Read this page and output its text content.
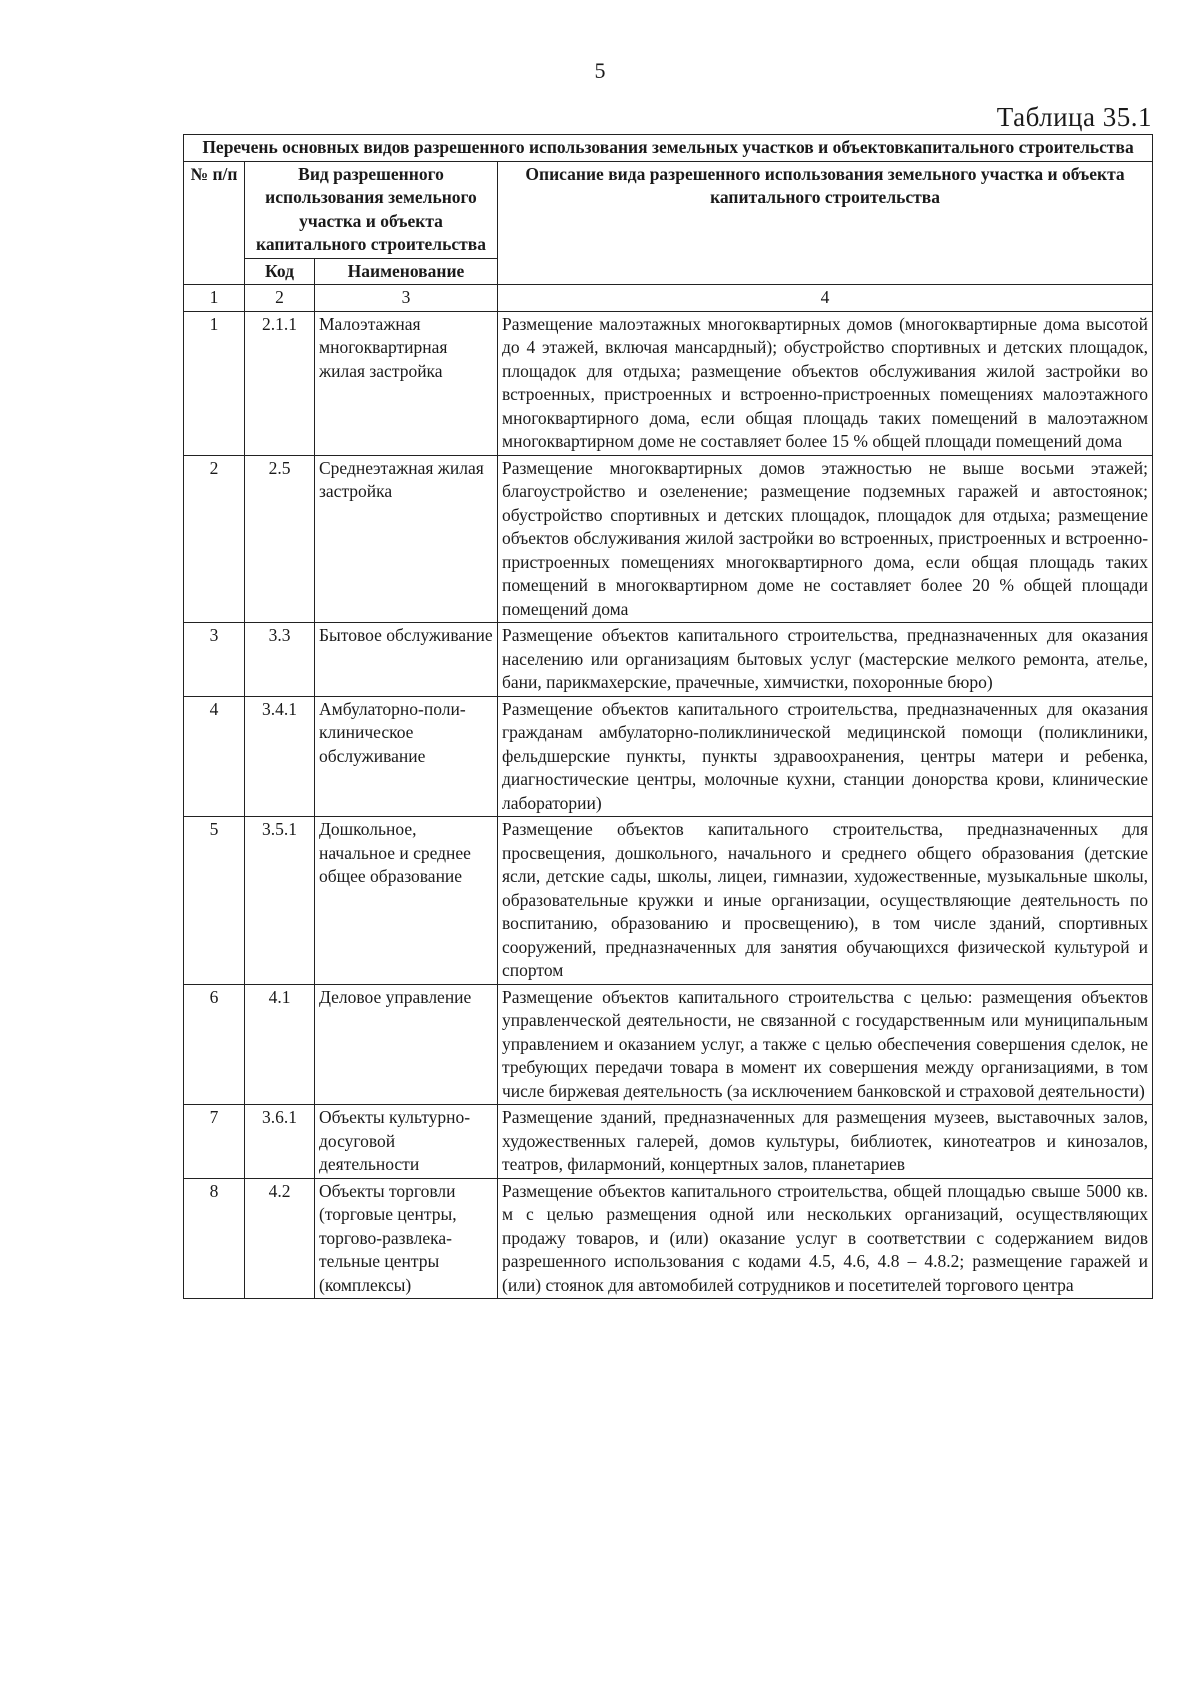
5
Таблица 35.1
Перечень основных видов разрешенного использования земельных участков и объектовкапитального строительства			
№ п/п	Вид разрешенного использования земельного участка и объекта капитального строительства		Описание вида разрешенного использования земельного участка и объекта капитального строительства
	Код	Наименование	
1	2	3	4
1	2.1.1	Малоэтажная многоквартирная жилая застройка	Размещение малоэтажных многоквартирных домов (многоквартирные дома высотой до 4 этажей, включая мансардный); обустройство спортивных и детских площадок, площадок для отдыха; размещение объектов обслуживания жилой застройки во встроенных, пристроенных и встроенно-пристроенных помещениях малоэтажного многоквартирного дома, если общая площадь таких помещений в малоэтажном многоквартирном доме не составляет более 15 % общей площади помещений дома
2	2.5	Среднеэтажная жилая застройка	Размещение многоквартирных домов этажностью не выше восьми этажей; благоустройство и озеленение; размещение подземных гаражей и автостоянок; обустройство спортивных и детских площадок, площадок для отдыха; размещение объектов обслуживания жилой застройки во встроенных, пристроенных и встроенно-пристроенных помещениях многоквартирного дома, если общая площадь таких помещений в многоквартирном доме не составляет более 20 % общей площади помещений дома
3	3.3	Бытовое обслуживание	Размещение объектов капитального строительства, предназначенных для оказания населению или организациям бытовых услуг (мастерские мелкого ремонта, ателье, бани, парикмахерские, прачечные, химчистки, похоронные бюро)
4	3.4.1	Амбулаторно-поли-клиническое обслуживание	Размещение объектов капитального строительства, предназначенных для оказания гражданам амбулаторно-поликлинической медицинской помощи (поликлиники, фельдшерские пункты, пункты здравоохранения, центры матери и ребенка, диагностические центры, молочные кухни, станции донорства крови, клинические лаборатории)
5	3.5.1	Дошкольное, начальное и среднее общее образование	Размещение объектов капитального строительства, предназначенных для просвещения, дошкольного, начального и среднего общего образования (детские ясли, детские сады, школы, лицеи, гимназии, художественные, музыкальные школы, образовательные кружки и иные организации, осуществляющие деятельность по воспитанию, образованию и просвещению), в том числе зданий, спортивных сооружений, предназначенных для занятия обучающихся физической культурой и спортом
6	4.1	Деловое управление	Размещение объектов капитального строительства с целью: размещения объектов управленческой деятельности, не связанной с государственным или муниципальным управлением и оказанием услуг, а также с целью обеспечения совершения сделок, не требующих передачи товара в момент их совершения между организациями, в том числе биржевая деятельность (за исключением банковской и страховой деятельности)
7	3.6.1	Объекты культурно-досуговой деятельности	Размещение зданий, предназначенных для размещения музеев, выставочных залов, художественных галерей, домов культуры, библиотек, кинотеатров и кинозалов, театров, филармоний, концертных залов, планетариев
8	4.2	Объекты торговли (торговые центры, торгово-развлека-тельные центры (комплексы)	Размещение объектов капитального строительства, общей площадью свыше 5000 кв. м с целью размещения одной или нескольких организаций, осуществляющих продажу товаров, и (или) оказание услуг в соответствии с содержанием видов разрешенного использования с кодами 4.5, 4.6, 4.8 – 4.8.2; размещение гаражей и (или) стоянок для автомобилей сотрудников и посетителей торгового центра
